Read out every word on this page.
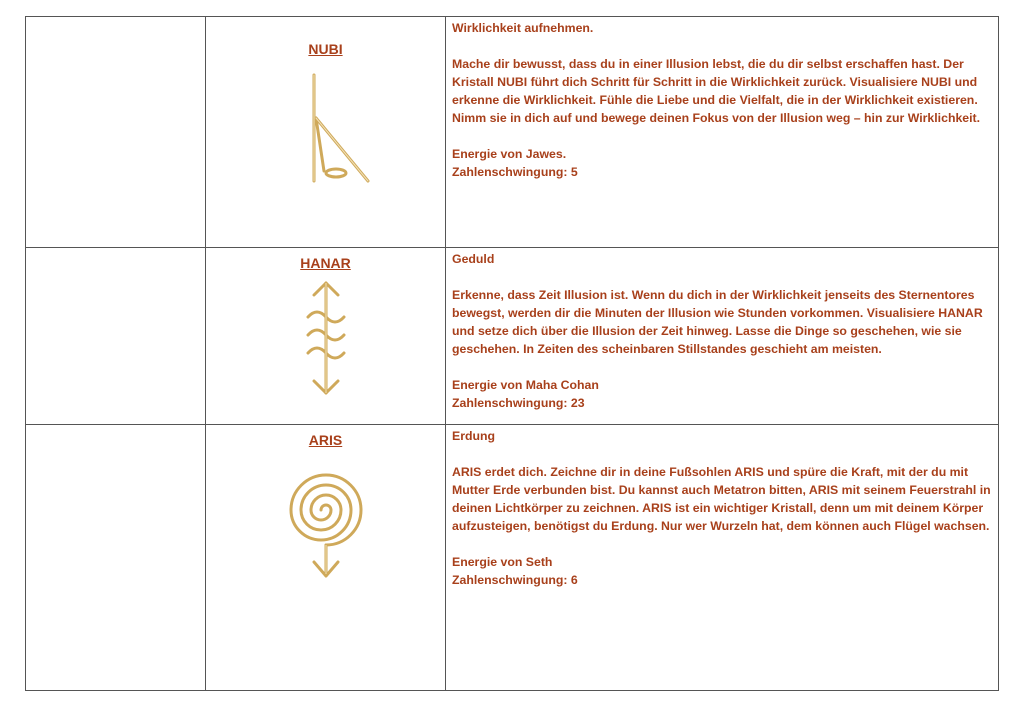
	NUBI	Wirklichkeit aufnehmen.

Mache dir bewusst, dass du in einer Illusion lebst, die du dir selbst erschaffen hast. Der Kristall NUBI führt dich Schritt für Schritt in die Wirklichkeit zurück. Visualisiere NUBI und erkenne die Wirklichkeit. Fühle die Liebe und die Vielfalt, die in der Wirklichkeit existieren. Nimm sie in dich auf und bewege deinen Fokus von der Illusion weg – hin zur Wirklichkeit.

Energie von Jawes.

Zahlenschwingung: 5

	HANAR	Geduld

Erkenne, dass Zeit Illusion ist. Wenn du dich in der Wirklichkeit jenseits des Sternentores bewegst, werden dir die Minuten der Illusion wie Stunden vorkommen. Visualisiere HANAR und setze dich über die Illusion der Zeit hinweg. Lasse die Dinge so geschehen, wie sie geschehen. In Zeiten des scheinbaren Stillstandes geschieht am meisten.

Energie von Maha Cohan

Zahlenschwingung: 23

	ARIS	Erdung

ARIS erdet dich. Zeichne dir in deine Fußsohlen ARIS und spüre die Kraft, mit der du mit Mutter Erde verbunden bist. Du kannst auch Metatron bitten, ARIS mit seinem Feuerstrahl in deinen Lichtkörper zu zeichnen. ARIS ist ein wichtiger Kristall, denn um mit deinem Körper aufzusteigen, benötigst du Erdung. Nur wer Wurzeln hat, dem können auch Flügel wachsen.

Energie von Seth

Zahlenschwingung: 6
